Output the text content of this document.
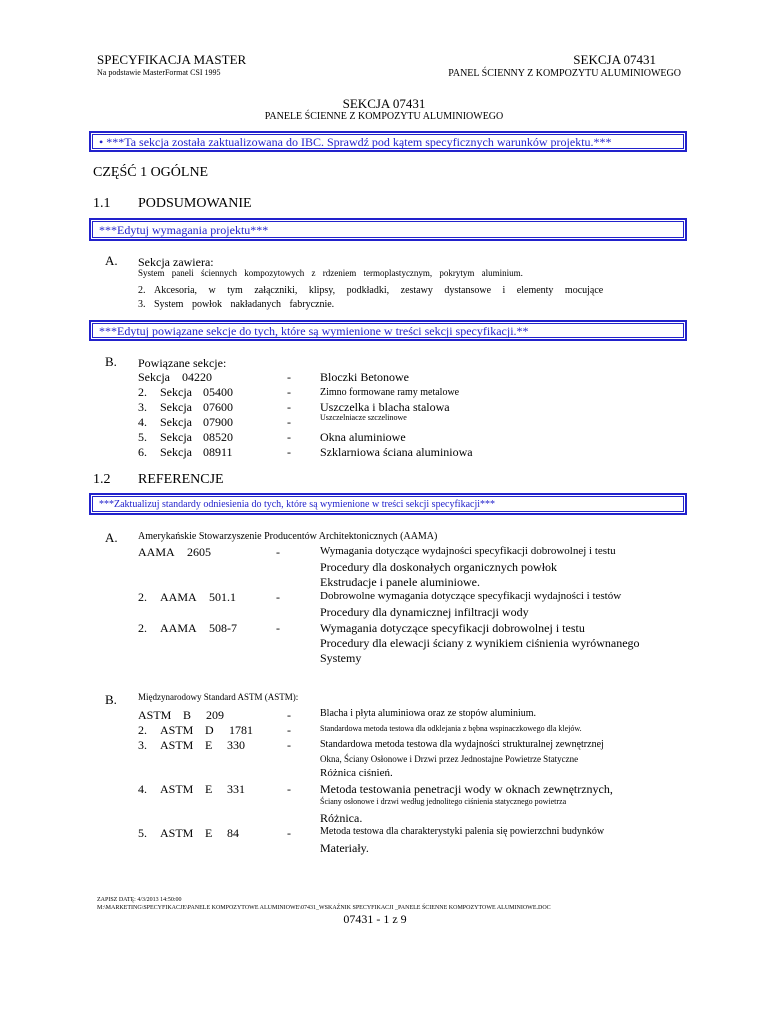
SPECYFIKACJA MASTER
Na podstawie MasterFormat CSI 1995
SEKCJA 07431
PANEL ŚCIENNY Z KOMPOZYTU ALUMINIOWEGO
SEKCJA 07431
PANELE ŚCIENNE Z KOMPOZYTU ALUMINIOWEGO
• ***Ta sekcja została zaktualizowana do IBC. Sprawdź pod kątem specyficznych warunków projektu.***
CZĘŚĆ 1 OGÓLNE
1.1 PODSUMOWANIE
***Edytuj wymagania projektu***
A. Sekcja zawiera:
System paneli ściennych kompozytowych z rdzeniem termoplastycznym, pokrytym aluminium.
2. Akcesoria, w tym załączniki, klipsy, podkładki, zestawy dystansowe i elementy mocujące
3. System powłok nakładanych fabrycznie.
***Edytuj powiązane sekcje do tych, które są wymienione w treści sekcji specyfikacji.**
B. Powiązane sekcje:
Sekcja 04220	- Bloczki Betonowe
2. Sekcja 05400	-	Zimno formowane ramy metalowe
3. Sekcja 07600	- Uszczelka i blacha stalowa
4. Sekcja 07900	-	Uszczelniacze szczelinowe
5. Sekcja 08520	- Okna aluminiowe
6. Sekcja 08911	- Szklarniowa ściana aluminiowa
1.2 REFERENCJE
***Zaktualizuj standardy odniesienia do tych, które są wymienione w treści sekcji specyfikacji***
A. Amerykańskie Stowarzyszenie Producentów Architektonicznych (AAMA)
AAMA 2605	-	Wymagania dotyczące wydajności specyfikacji dobrowolnej i testu
Procedury dla doskonałych organicznych powłok
Ekstrudacje i panele aluminiowe.
2. AAMA 501.1	-	Dobrowolne wymagania dotyczące specyfikacji wydajności i testów
Procedury dla dynamicznej infiltracji wody
2. AAMA 508-7	-	Wymagania dotyczące specyfikacji dobrowolnej i testu
Procedury dla elewacji ściany z wynikiem ciśnienia wyrównanego
Systemy
B. Międzynarodowy Standard ASTM (ASTM):
ASTM B 209	-	Blacha i płyta aluminiowa oraz ze stopów aluminium.
2. ASTM D 1781	-	Standardowa metoda testowa dla odklejania z bębna wspinaczkowego dla klejów.
3. ASTM E 330	-	Standardowa metoda testowa dla wydajności strukturalnej zewnętrznej
Okna, Ściany Osłonowe i Drzwi przez Jednostajne Powietrze Statyczne
Różnica ciśnień.
4. ASTM E 331	- Metoda testowania penetracji wody w oknach zewnętrznych,
Ściany osłonowe i drzwi według jednolitego ciśnienia statycznego powietrza
Różnica.
5. ASTM E 84	-	Metoda testowa dla charakterystyki palenia się powierzchni budynków
Materiały.
ZAPISZ DATĘ: 4/3/2013 14:50:00
M:\MARKETING\SPECYFIKACJE\PANELE KOMPOZYTOWE ALUMINIOWE\07431_WSKAŹNIK SPECYFIKACJI _PANELE ŚCIENNE KOMPOZYTOWE ALUMINIOWE.DOC
07431 - 1 z 9
